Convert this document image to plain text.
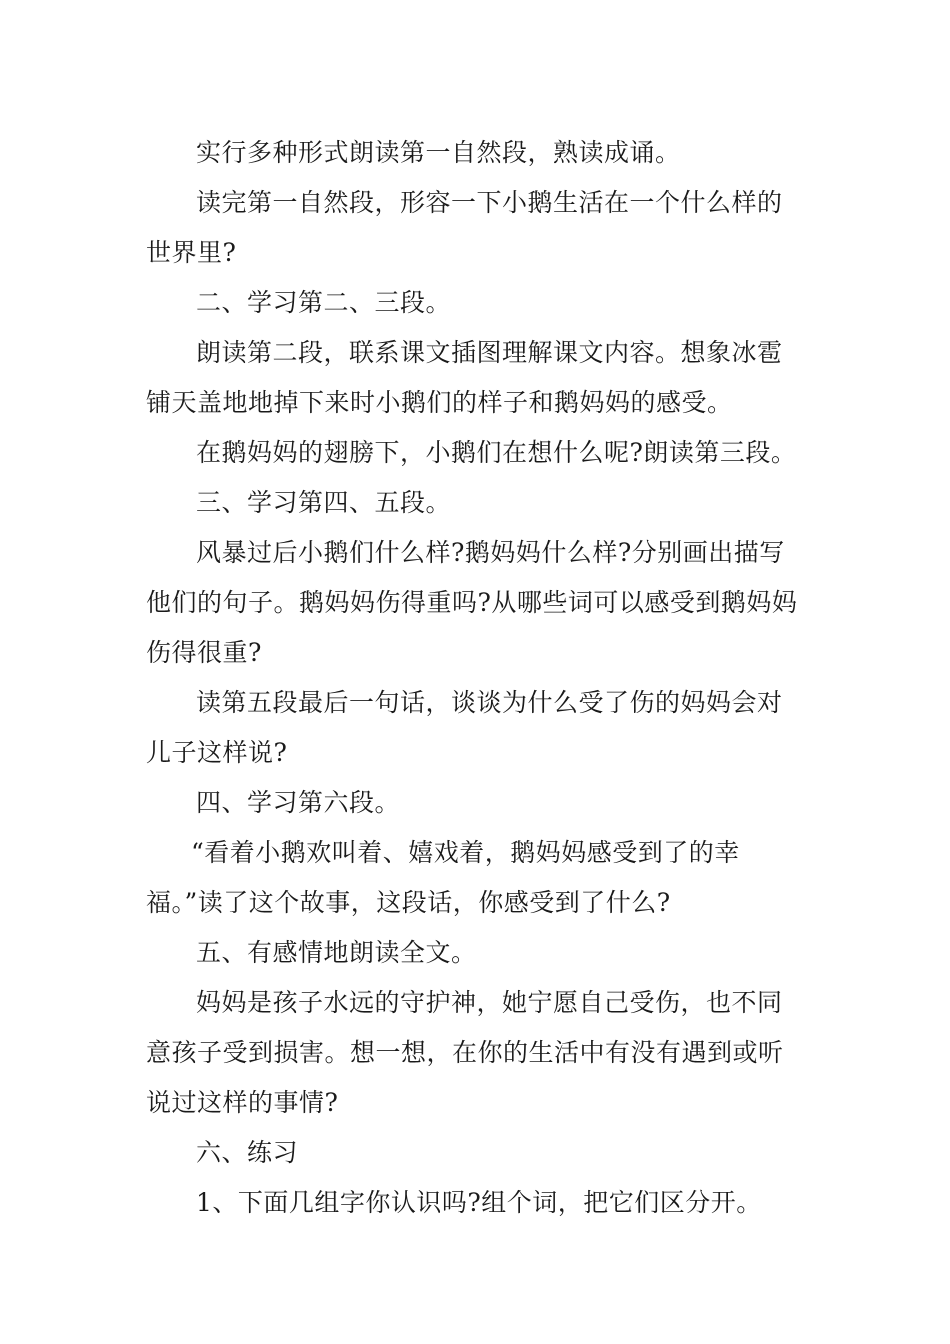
实行多种形式朗读第一自然段，熟读成诵。

读完第一自然段，形容一下小鹅生活在一个什么样的世界里?

二、学习第二、三段。

朗读第二段，联系课文插图理解课文内容。想象冰雹铺天盖地地掉下来时小鹅们的样子和鹅妈妈的感受。

在鹅妈妈的翅膀下，小鹅们在想什么呢?朗读第三段。

三、学习第四、五段。

风暴过后小鹅们什么样?鹅妈妈什么样?分别画出描写他们的句子。鹅妈妈伤得重吗?从哪些词可以感受到鹅妈妈伤得很重?

读第五段最后一句话，谈谈为什么受了伤的妈妈会对儿子这样说?

四、学习第六段。

“看着小鹅欢叫着、嬉戏着，鹅妈妈感受到了的幸福。”读了这个故事，这段话，你感受到了什么?

五、有感情地朗读全文。

妈妈是孩子水远的守护神，她宁愿自己受伤，也不同意孩子受到损害。想一想，在你的生活中有没有遇到或听说过这样的事情?

六、练习

1、下面几组字你认识吗?组个词，把它们区分开。
